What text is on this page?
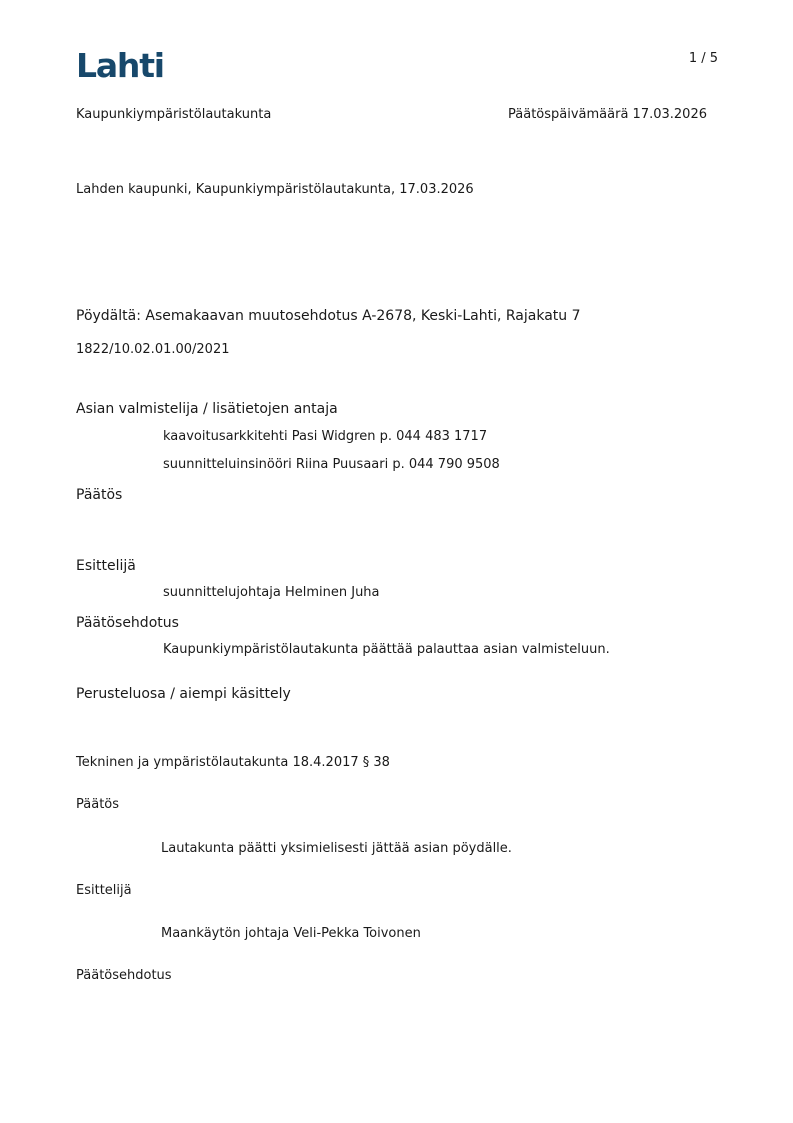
Lahti	1 / 5
Kaupunkiympäristölautakunta	Päätöspäivämäärä 17.03.2026
Lahden kaupunki, Kaupunkiympäristölautakunta, 17.03.2026
Pöydältä: Asemakaavan muutosehdotus A-2678, Keski-Lahti, Rajakatu 7
1822/10.02.01.00/2021
Asian valmistelija / lisätietojen antaja
kaavoitusarkkitehti Pasi Widgren p. 044 483 1717
suunnitteluinsinööri Riina Puusaari p. 044 790 9508
Päätös
Esittelijä
suunnittelujohtaja Helminen Juha
Päätösehdotus
Kaupunkiympäristölautakunta päättää palauttaa asian valmisteluun.
Perusteluosa / aiempi käsittely
Tekninen ja ympäristölautakunta 18.4.2017 § 38
Päätös
Lautakunta päätti yksimielisesti jättää asian pöydälle.
Esittelijä
Maankäytön johtaja Veli-Pekka Toivonen
Päätösehdotus
